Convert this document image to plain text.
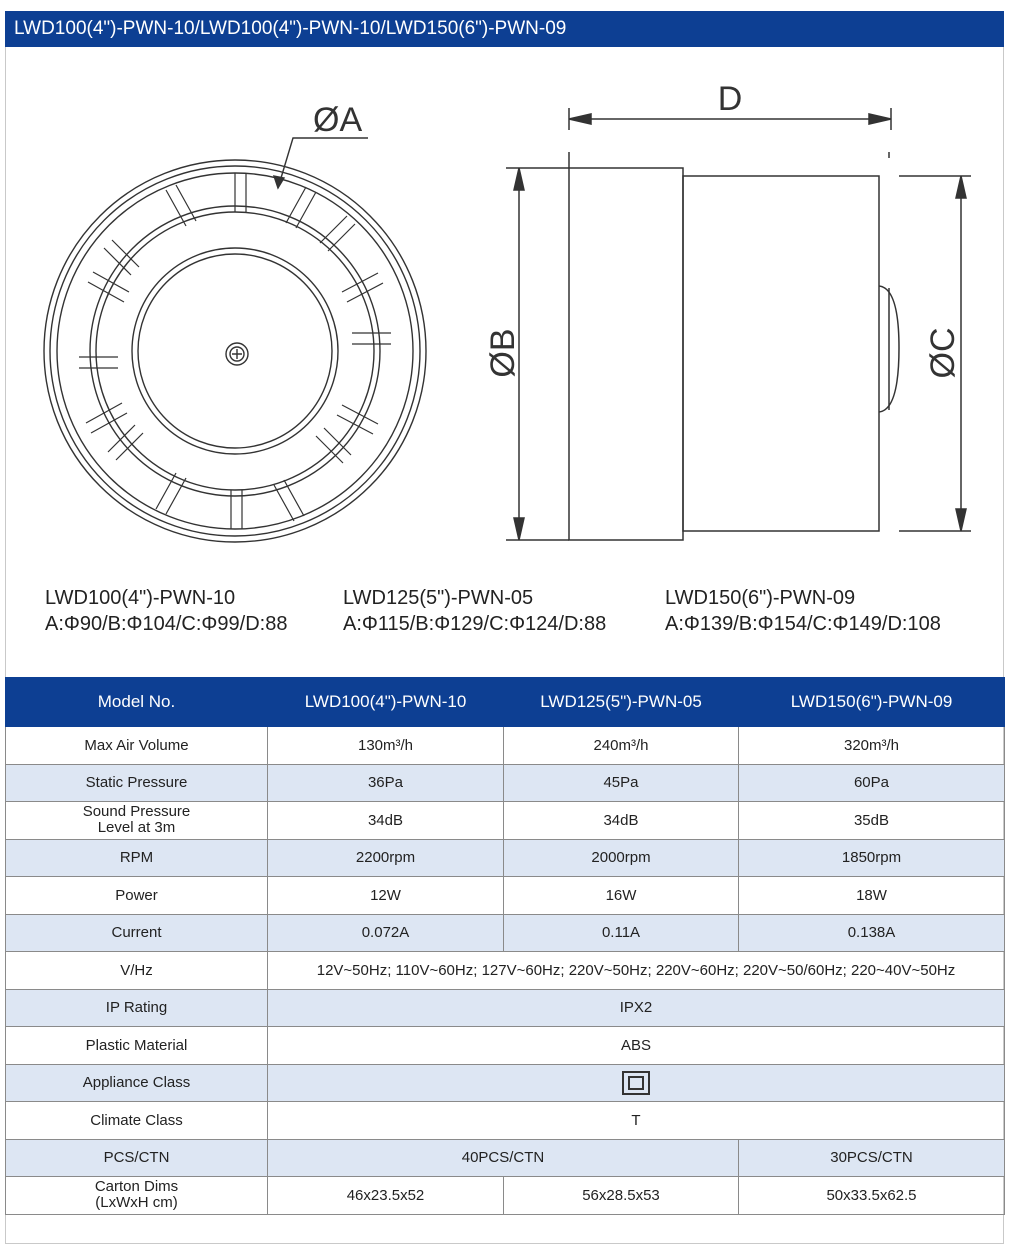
LWD100(4")-PWN-10/LWD100(4")-PWN-10/LWD150(6")-PWN-09
ØA
D
ØB	ØC
LWD100(4")-PWN-10
A:Φ90/B:Φ104/C:Φ99/D:88
LWD125(5")-PWN-05
A:Φ115/B:Φ129/C:Φ124/D:88
LWD150(6")-PWN-09
A:Φ139/B:Φ154/C:Φ149/D:108
Model No.	LWD100(4")-PWN-10	LWD125(5")-PWN-05	LWD150(6")-PWN-09
Max Air Volume	130m³/h	240m³/h	320m³/h
Static Pressure	36Pa	45Pa	60Pa

Sound Pressure
Level at 3m	34dB	34dB	35dB
RPM	2200rpm	2000rpm	1850rpm
Power	12W	16W	18W
Current	0.072A	0.11A	0.138A
V/Hz	12V~50Hz; 110V~60Hz; 127V~60Hz; 220V~50Hz; 220V~60Hz; 220V~50/60Hz; 220~40V~50Hz		
IP Rating	IPX2		
Plastic Material	ABS		
Appliance Class			
Climate Class	T		
PCS/CTN	40PCS/CTN		30PCS/CTN

Carton Dims
(LxWxH cm)	46x23.5x52	56x28.5x53	50x33.5x62.5
